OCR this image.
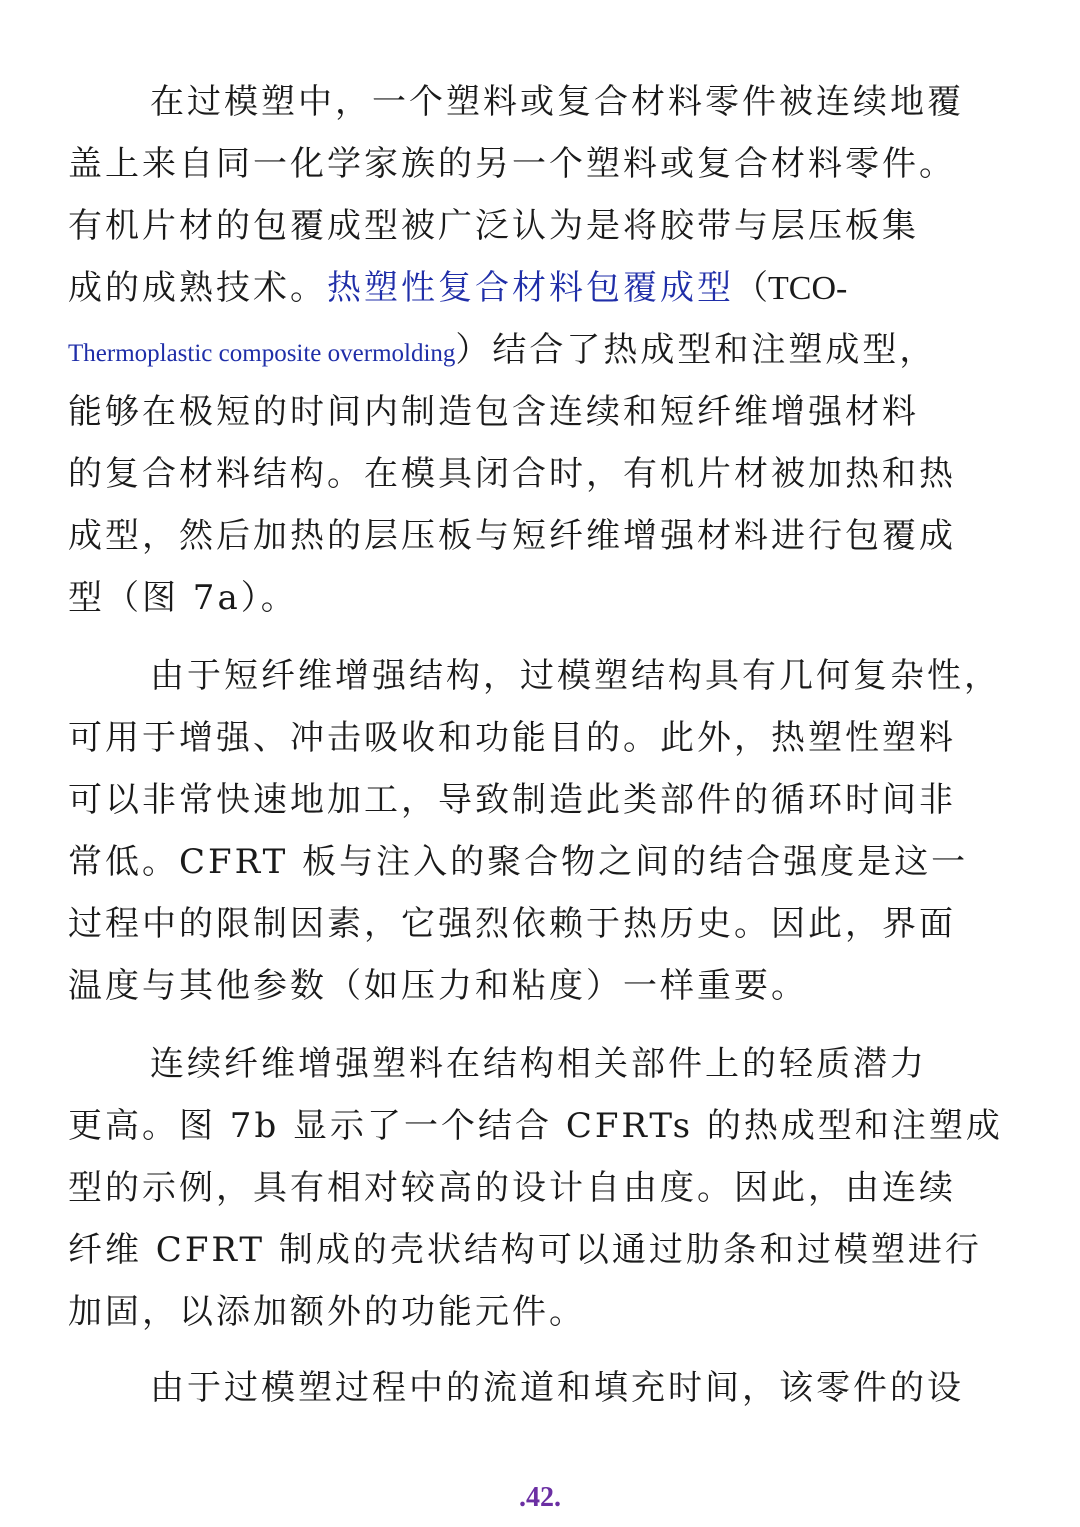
在过模塑中，一个塑料或复合材料零件被连续地覆
盖上来自同一化学家族的另一个塑料或复合材料零件。
有机片材的包覆成型被广泛认为是将胶带与层压板集
成的成熟技术。热塑性复合材料包覆成型（TCO-
Thermoplastic composite overmolding）结合了热成型和注塑成型，
能够在极短的时间内制造包含连续和短纤维增强材料
的复合材料结构。在模具闭合时，有机片材被加热和热
成型，然后加热的层压板与短纤维增强材料进行包覆成
型（图 7a）。
由于短纤维增强结构，过模塑结构具有几何复杂性，
可用于增强、冲击吸收和功能目的。此外，热塑性塑料
可以非常快速地加工，导致制造此类部件的循环时间非
常低。CFRT 板与注入的聚合物之间的结合强度是这一
过程中的限制因素，它强烈依赖于热历史。因此，界面
温度与其他参数（如压力和粘度）一样重要。
连续纤维增强塑料在结构相关部件上的轻质潜力
更高。图 7b 显示了一个结合 CFRTs 的热成型和注塑成
型的示例，具有相对较高的设计自由度。因此，由连续
纤维 CFRT 制成的壳状结构可以通过肋条和过模塑进行
加固，以添加额外的功能元件。
由于过模塑过程中的流道和填充时间，该零件的设
.42.
